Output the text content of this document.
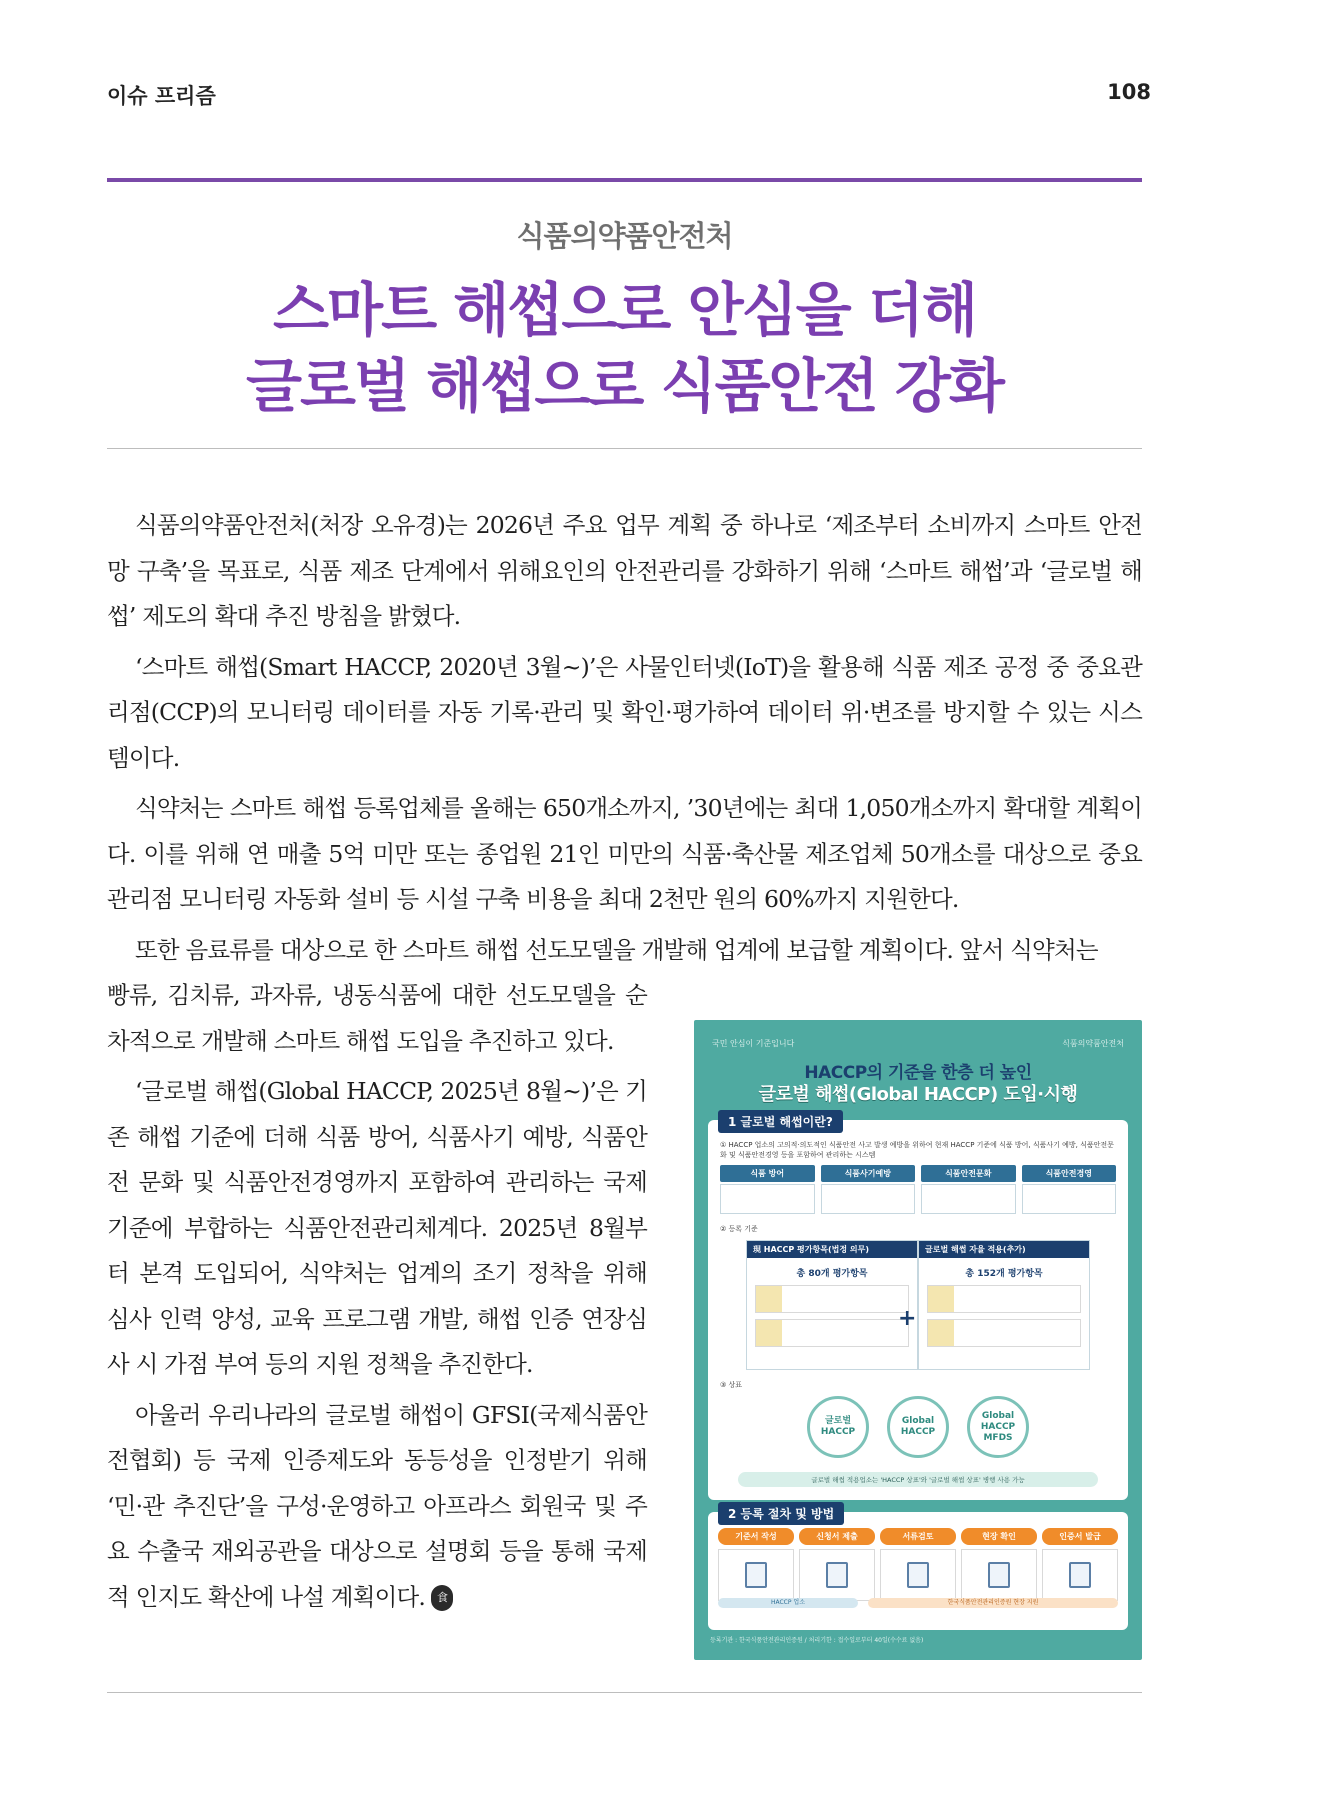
이슈 프리즘	108
식품의약품안전처
스마트 해썹으로 안심을 더해
글로벌 해썹으로 식품안전 강화

식품의약품안전처(처장 오유경)는 2026년 주요 업무 계획 중 하나로 ‘제조부터 소비까지 스마트 안전망 구축’을 목표로, 식품 제조 단계에서 위해요인의 안전관리를 강화하기 위해 ‘스마트 해썹’과 ‘글로벌 해썹’ 제도의 확대 추진 방침을 밝혔다.

‘스마트 해썹(Smart HACCP, 2020년 3월~)’은 사물인터넷(IoT)을 활용해 식품 제조 공정 중 중요관리점(CCP)의 모니터링 데이터를 자동 기록·관리 및 확인·평가하여 데이터 위·변조를 방지할 수 있는 시스템이다.

식약처는 스마트 해썹 등록업체를 올해는 650개소까지, ’30년에는 최대 1,050개소까지 확대할 계획이다. 이를 위해 연 매출 5억 미만 또는 종업원 21인 미만의 식품·축산물 제조업체 50개소를 대상으로 중요관리점 모니터링 자동화 설비 등 시설 구축 비용을 최대 2천만 원의 60%까지 지원한다.

또한 음료류를 대상으로 한 스마트 해썹 선도모델을 개발해 업계에 보급할 계획이다. 앞서 식약처는

빵류, 김치류, 과자류, 냉동식품에 대한 선도모델을 순차적으로 개발해 스마트 해썹 도입을 추진하고 있다.

‘글로벌 해썹(Global HACCP, 2025년 8월~)’은 기존 해썹 기준에 더해 식품 방어, 식품사기 예방, 식품안전 문화 및 식품안전경영까지 포함하여 관리하는 국제 기준에 부합하는 식품안전관리체계다. 2025년 8월부터 본격 도입되어, 식약처는 업계의 조기 정착을 위해 심사 인력 양성, 교육 프로그램 개발, 해썹 인증 연장심사 시 가점 부여 등의 지원 정책을 추진한다.

아울러 우리나라의 글로벌 해썹이 GFSI(국제식품안전협회) 등 국제 인증제도와 동등성을 인정받기 위해 ‘민·관 추진단’을 구성·운영하고 아프라스 회원국 및 주요 수출국 재외공관을 대상으로 설명회 등을 통해 국제적 인지도 확산에 나설 계획이다. 食

국민 안심이 기준입니다	식품의약품안전처
HACCP의 기준을 한층 더 높인
글로벌 해썹(Global HACCP) 도입·시행
1 글로벌 해썹이란?
① HACCP 업소의 고의적·의도적인 식품안전 사고 발생 예방을 위하여 현재 HACCP 기준에 식품 방어, 식품사기 예방, 식품안전문화 및 식품안전경영 등을 포함하여 관리하는 시스템
식품 방어	식품사기예방	식품안전문화	식품안전경영
② 등록 기준
現 HACCP 평가항목(법정 의무)
총 80개 평가항목
+
글로벌 해썹 자율 적용(추가)
총 152개 평가항목
③ 상표
글로벌 HACCP
Global HACCP
Global HACCP MFDS
글로벌 해썹 적용업소는 'HACCP 상표'와 '글로벌 해썹 상표' 병행 사용 가능
2 등록 절차 및 방법
기준서 작성	신청서 제출	서류검토	현장 확인	인증서 발급
HACCP 업소	한국식품안전관리인증원 현장 지원
등록기관 : 한국식품안전관리인증원 / 처리기한 : 접수일로부터 40일(수수료 없음)
